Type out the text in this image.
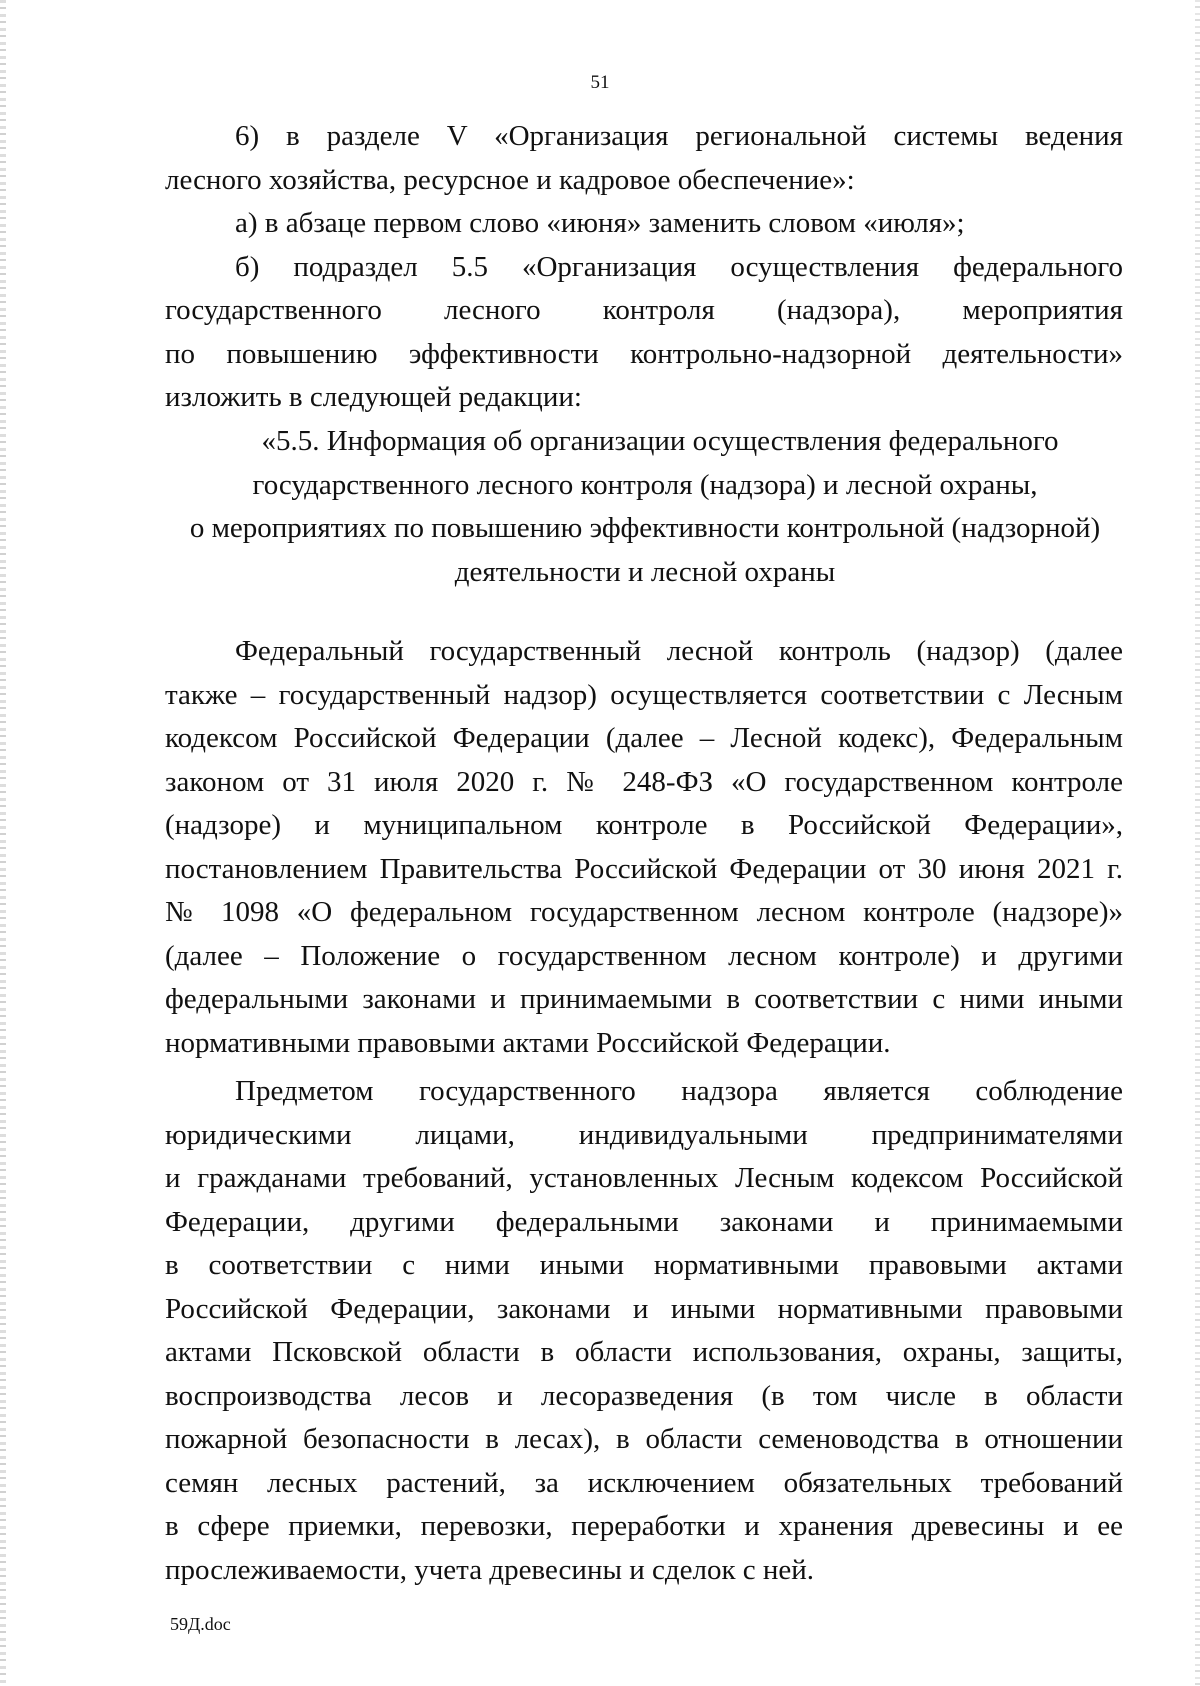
51
6) в разделе V «Организация региональной системы ведения
лесного хозяйства, ресурсное и кадровое обеспечение»:
а) в абзаце первом слово «июня» заменить словом «июля»;
б) подраздел 5.5 «Организация осуществления федерального
государственного лесного контроля (надзора), мероприятия
по повышению эффективности контрольно-надзорной деятельности»
изложить в следующей редакции:
«5.5. Информация об организации осуществления федерального
государственного лесного контроля (надзора) и лесной охраны,
о мероприятиях по повышению эффективности контрольной (надзорной)
деятельности и лесной охраны
Федеральный государственный лесной контроль (надзор) (далее
также – государственный надзор) осуществляется соответствии с Лесным
кодексом Российской Федерации (далее – Лесной кодекс), Федеральным
законом от 31 июля 2020 г. № 248-ФЗ «О государственном контроле
(надзоре) и муниципальном контроле в Российской Федерации»,
постановлением Правительства Российской Федерации от 30 июня 2021 г.
№ 1098 «О федеральном государственном лесном контроле (надзоре)»
(далее – Положение о государственном лесном контроле) и другими
федеральными законами и принимаемыми в соответствии с ними иными
нормативными правовыми актами Российской Федерации.
Предметом государственного надзора является соблюдение
юридическими лицами, индивидуальными предпринимателями
и гражданами требований, установленных Лесным кодексом Российской
Федерации, другими федеральными законами и принимаемыми
в соответствии с ними иными нормативными правовыми актами
Российской Федерации, законами и иными нормативными правовыми
актами Псковской области в области использования, охраны, защиты,
воспроизводства лесов и лесоразведения (в том числе в области
пожарной безопасности в лесах), в области семеноводства в отношении
семян лесных растений, за исключением обязательных требований
в сфере приемки, перевозки, переработки и хранения древесины и ее
прослеживаемости, учета древесины и сделок с ней.
59Д.doc
